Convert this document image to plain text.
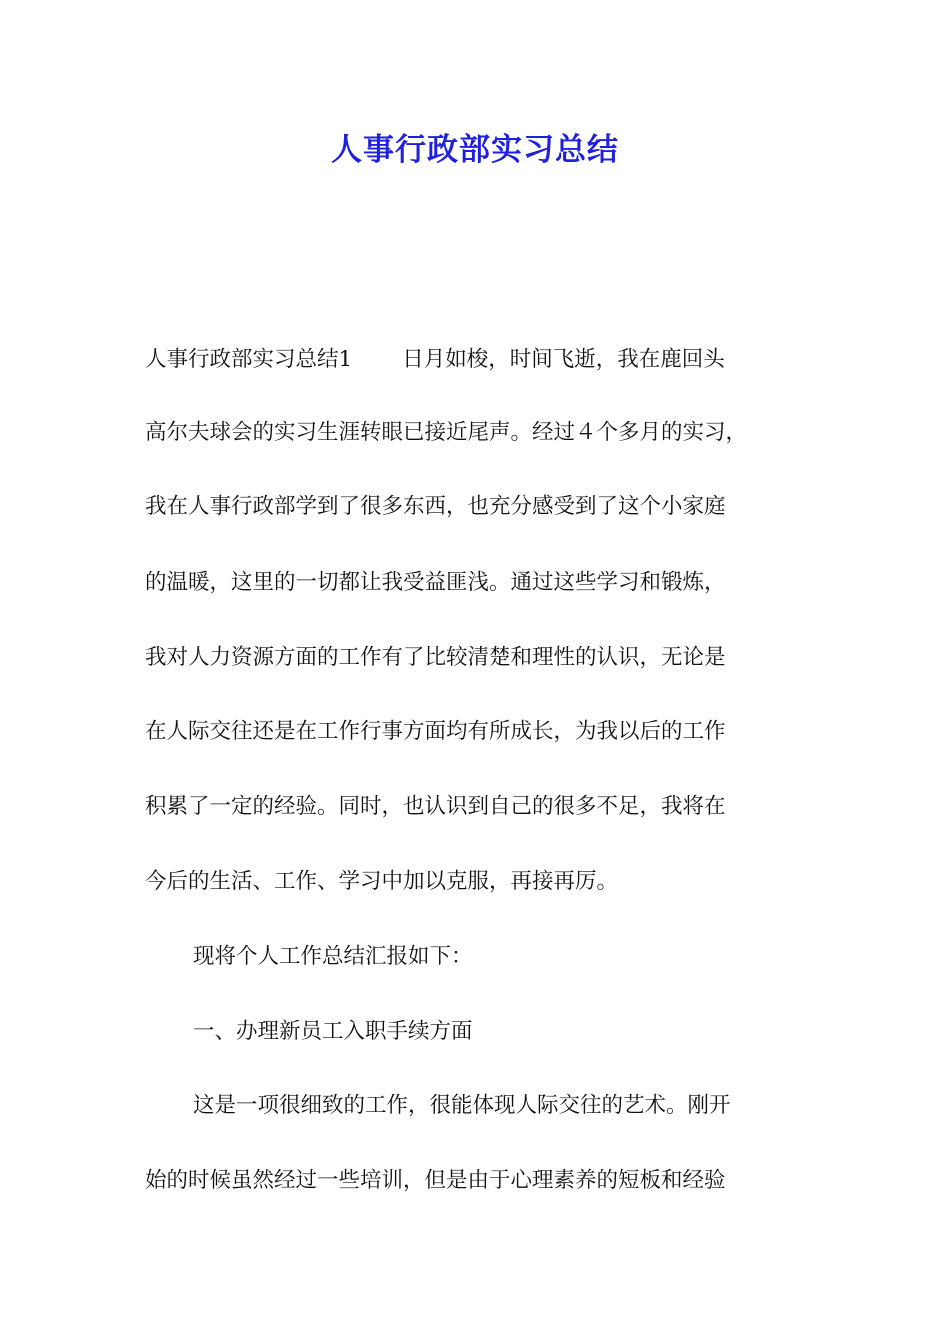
人事行政部实习总结

人事行政部实习总结1 日月如梭，时间飞逝，我在鹿回头

高尔夫球会的实习生涯转眼已接近尾声。经过４个多月的实习，

我在人事行政部学到了很多东西，也充分感受到了这个小家庭

的温暖，这里的一切都让我受益匪浅。通过这些学习和锻炼，

我对人力资源方面的工作有了比较清楚和理性的认识，无论是

在人际交往还是在工作行事方面均有所成长，为我以后的工作

积累了一定的经验。同时，也认识到自己的很多不足，我将在

今后的生活、工作、学习中加以克服，再接再厉。

现将个人工作总结汇报如下：

一、办理新员工入职手续方面

这是一项很细致的工作，很能体现人际交往的艺术。刚开

始的时候虽然经过一些培训，但是由于心理素养的短板和经验
